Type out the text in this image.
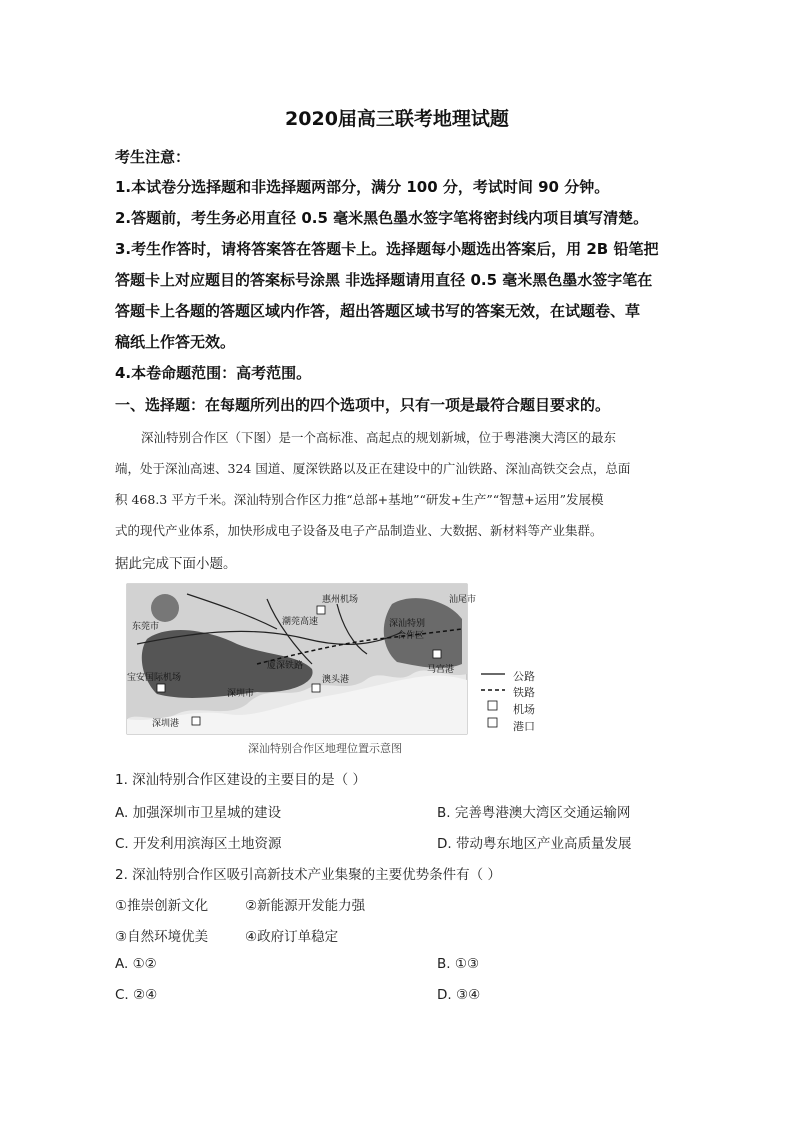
2020届高三联考地理试题
考生注意：
1.本试卷分选择题和非选择题两部分，满分 100 分，考试时间 90 分钟。
2.答题前，考生务必用直径 0.5 毫米黑色墨水签字笔将密封线内项目填写清楚。
3.考生作答时，请将答案答在答题卡上。选择题每小题选出答案后，用 2B 铅笔把
答题卡上对应题目的答案标号涂黑 非选择题请用直径 0.5 毫米黑色墨水签字笔在
答题卡上各题的答题区域内作答，超出答题区域书写的答案无效，在试题卷、草
稿纸上作答无效。
4.本卷命题范围：高考范围。
一、选择题：在每题所列出的四个选项中，只有一项是最符合题目要求的。
深汕特别合作区（下图）是一个高标准、高起点的规划新城，位于粤港澳大湾区的最东
端，处于深汕高速、324 国道、厦深铁路以及正在建设中的广汕铁路、深汕高铁交会点，总面
积 468.3 平方千米。深汕特别合作区力推“总部+基地”“研发+生产”“智慧+运用”发展模
式的现代产业体系，加快形成电子设备及电子产品制造业、大数据、新材料等产业集群。
据此完成下面小题。
惠州机场
东莞市	潮莞高速
汕尾市
深汕特别
合作区
厦深铁路
澳头港
马宫港
宝安国际机场
深圳市
深圳港
公路
铁路
机场
港口
深汕特别合作区地理位置示意图
1. 深汕特别合作区建设的主要目的是（ ）
A. 加强深圳市卫星城的建设	B. 完善粤港澳大湾区交通运输网
C. 开发利用滨海区土地资源	D. 带动粤东地区产业高质量发展
2. 深汕特别合作区吸引高新技术产业集聚的主要优势条件有（ ）
①推崇创新文化	②新能源开发能力强
③自然环境优美	④政府订单稳定
A. ①②	B. ①③
C. ②④	D. ③④
